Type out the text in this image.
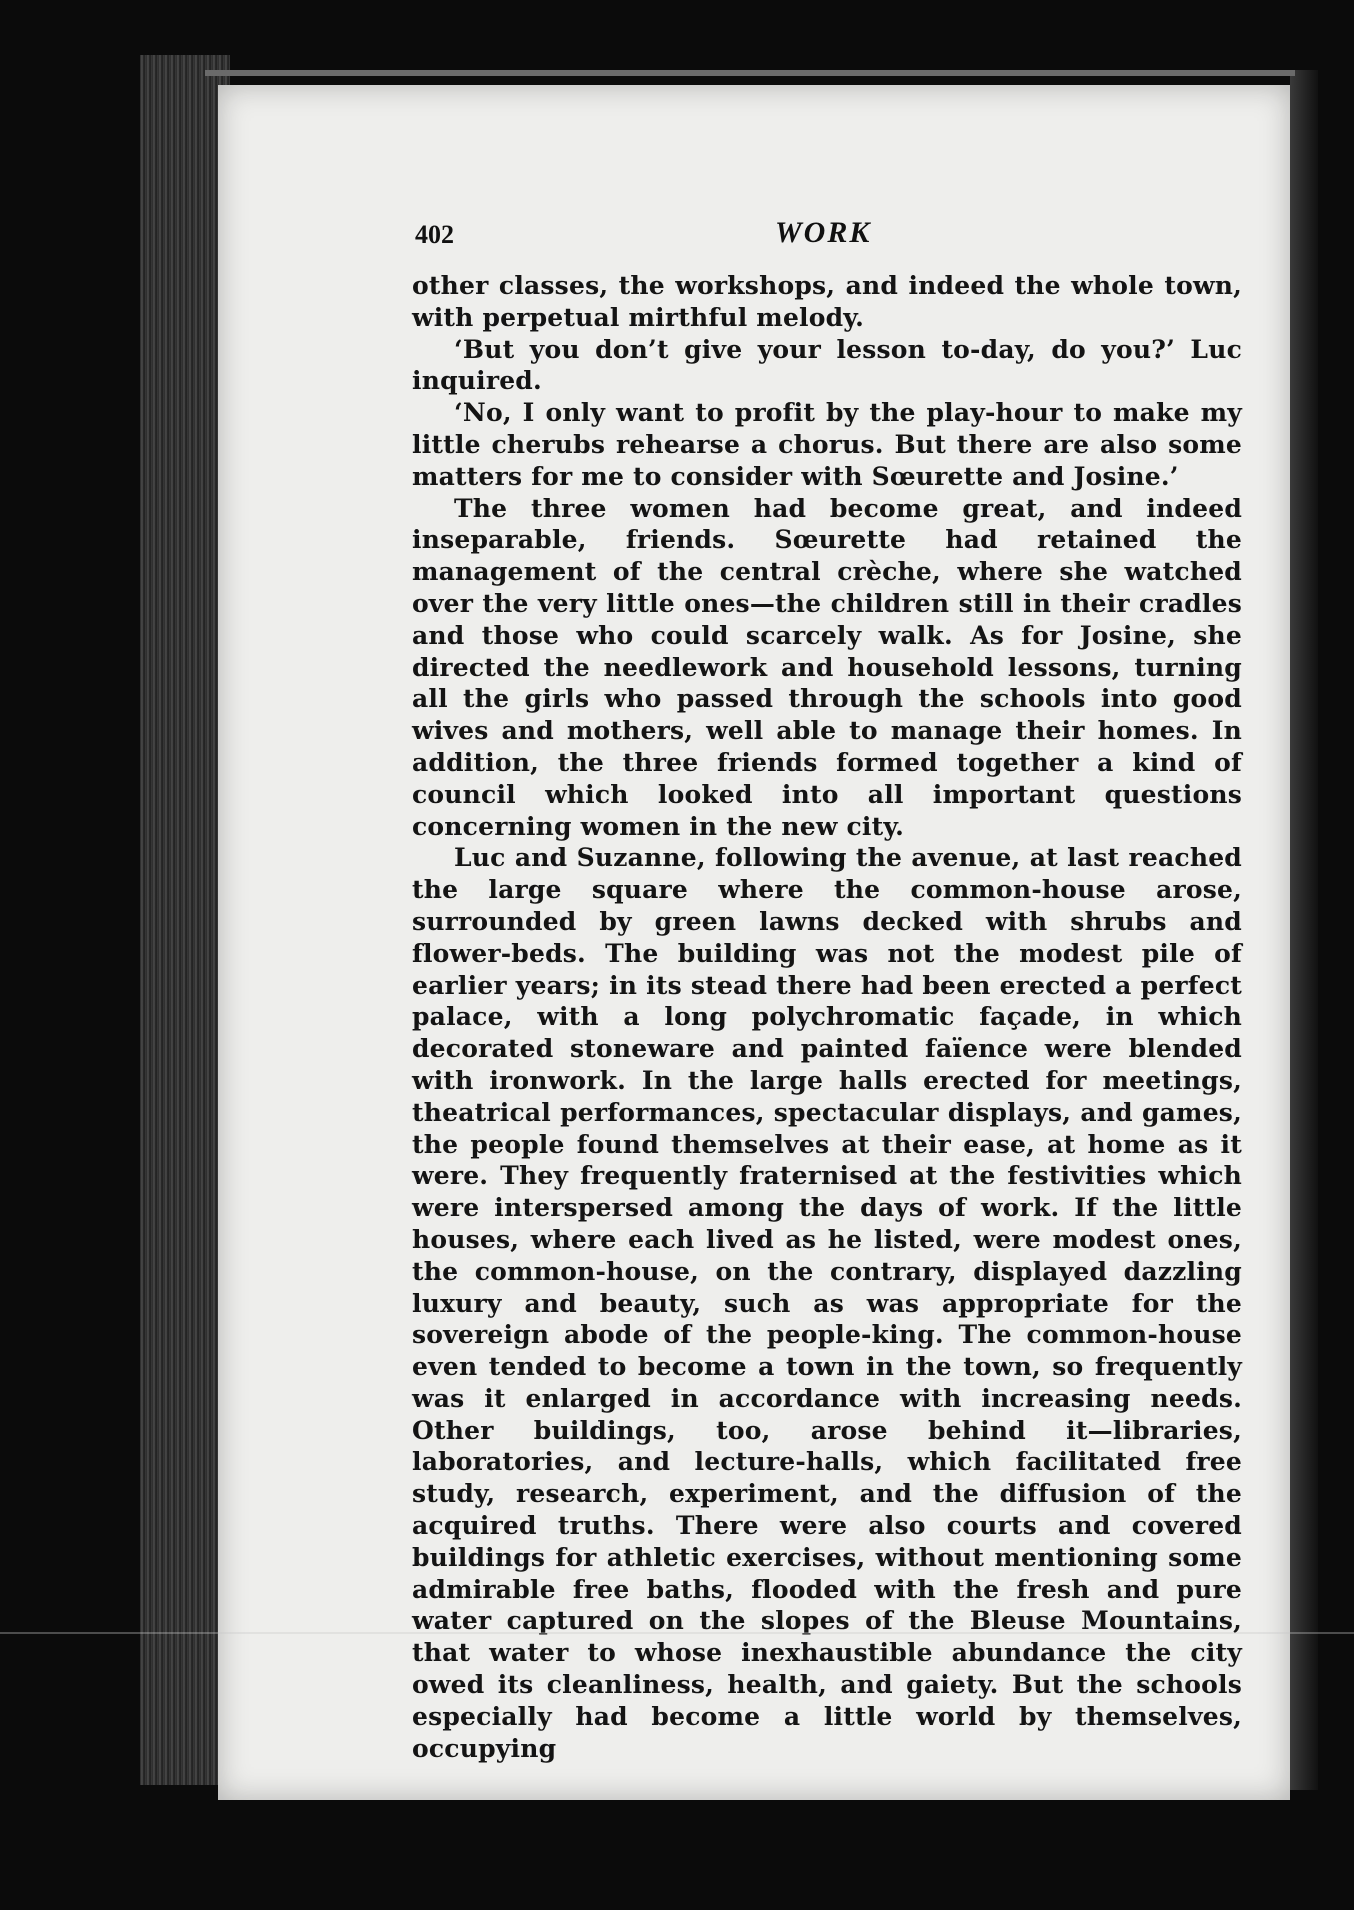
402	WORK

other classes, the workshops, and indeed the whole town, with perpetual mirthful melody.

‘But you don’t give your lesson to-day, do you?’ Luc inquired.

‘No, I only want to profit by the play-hour to make my little cherubs rehearse a chorus. But there are also some matters for me to consider with Sœurette and Josine.’

The three women had become great, and indeed inseparable, friends. Sœurette had retained the management of the central crèche, where she watched over the very little ones—the children still in their cradles and those who could scarcely walk. As for Josine, she directed the needlework and household lessons, turning all the girls who passed through the schools into good wives and mothers, well able to manage their homes. In addition, the three friends formed together a kind of council which looked into all important questions concerning women in the new city.

Luc and Suzanne, following the avenue, at last reached the large square where the common-house arose, surrounded by green lawns decked with shrubs and flower-beds. The building was not the modest pile of earlier years; in its stead there had been erected a perfect palace, with a long polychromatic façade, in which decorated stoneware and painted faïence were blended with ironwork. In the large halls erected for meetings, theatrical performances, spectacular displays, and games, the people found themselves at their ease, at home as it were. They frequently fraternised at the festivities which were interspersed among the days of work. If the little houses, where each lived as he listed, were modest ones, the common-house, on the contrary, displayed dazzling luxury and beauty, such as was appropriate for the sovereign abode of the people-king. The common-house even tended to become a town in the town, so frequently was it enlarged in accordance with increasing needs. Other buildings, too, arose behind it—libraries, laboratories, and lecture-halls, which facilitated free study, research, experiment, and the diffusion of the acquired truths. There were also courts and covered buildings for athletic exercises, without mentioning some admirable free baths, flooded with the fresh and pure water captured on the slopes of the Bleuse Mountains, that water to whose inexhaustible abundance the city owed its cleanliness, health, and gaiety. But the schools especially had become a little world by themselves, occupying
